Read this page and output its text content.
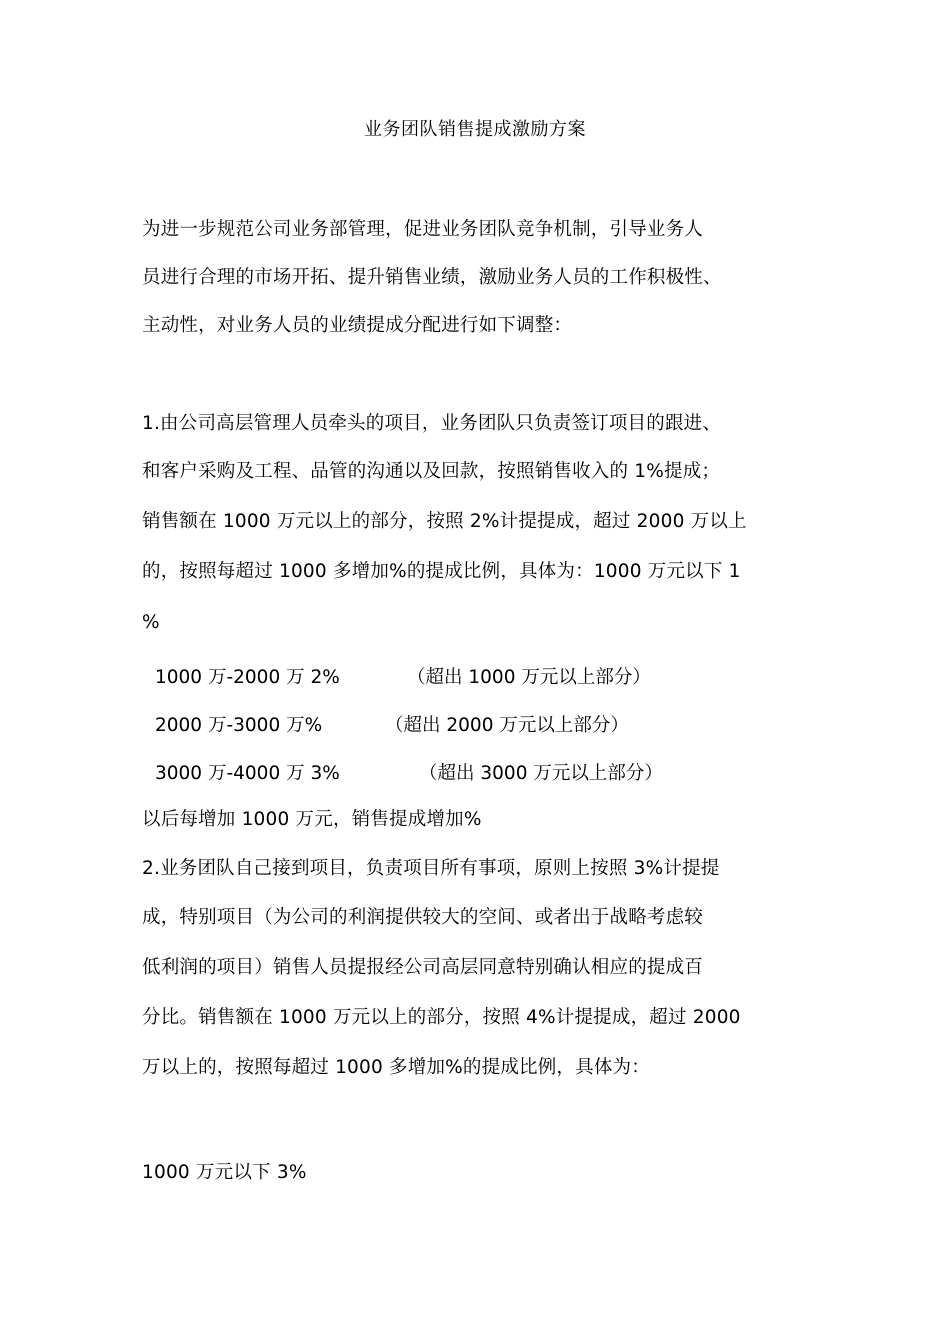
业务团队销售提成激励方案
为进一步规范公司业务部管理，促进业务团队竞争机制，引导业务人
员进行合理的市场开拓、提升销售业绩，激励业务人员的工作积极性、
主动性，对业务人员的业绩提成分配进行如下调整：
1.由公司高层管理人员牵头的项目，业务团队只负责签订项目的跟进、
和客户采购及工程、品管的沟通以及回款，按照销售收入的 1%提成；
销售额在 1000 万元以上的部分，按照 2%计提提成，超过 2000 万以上
的，按照每超过 1000 多增加%的提成比例，具体为：1000 万元以下 1
%
1000 万-2000 万 2%	（超出 1000 万元以上部分）
2000 万-3000 万%	（超出 2000 万元以上部分）
3000 万-4000 万 3%	（超出 3000 万元以上部分）
以后每增加 1000 万元，销售提成增加%
2.业务团队自己接到项目，负责项目所有事项，原则上按照 3%计提提
成，特别项目（为公司的利润提供较大的空间、或者出于战略考虑较
低利润的项目）销售人员提报经公司高层同意特别确认相应的提成百
分比。销售额在 1000 万元以上的部分，按照 4%计提提成，超过 2000
万以上的，按照每超过 1000 多增加%的提成比例，具体为：
1000 万元以下 3%
